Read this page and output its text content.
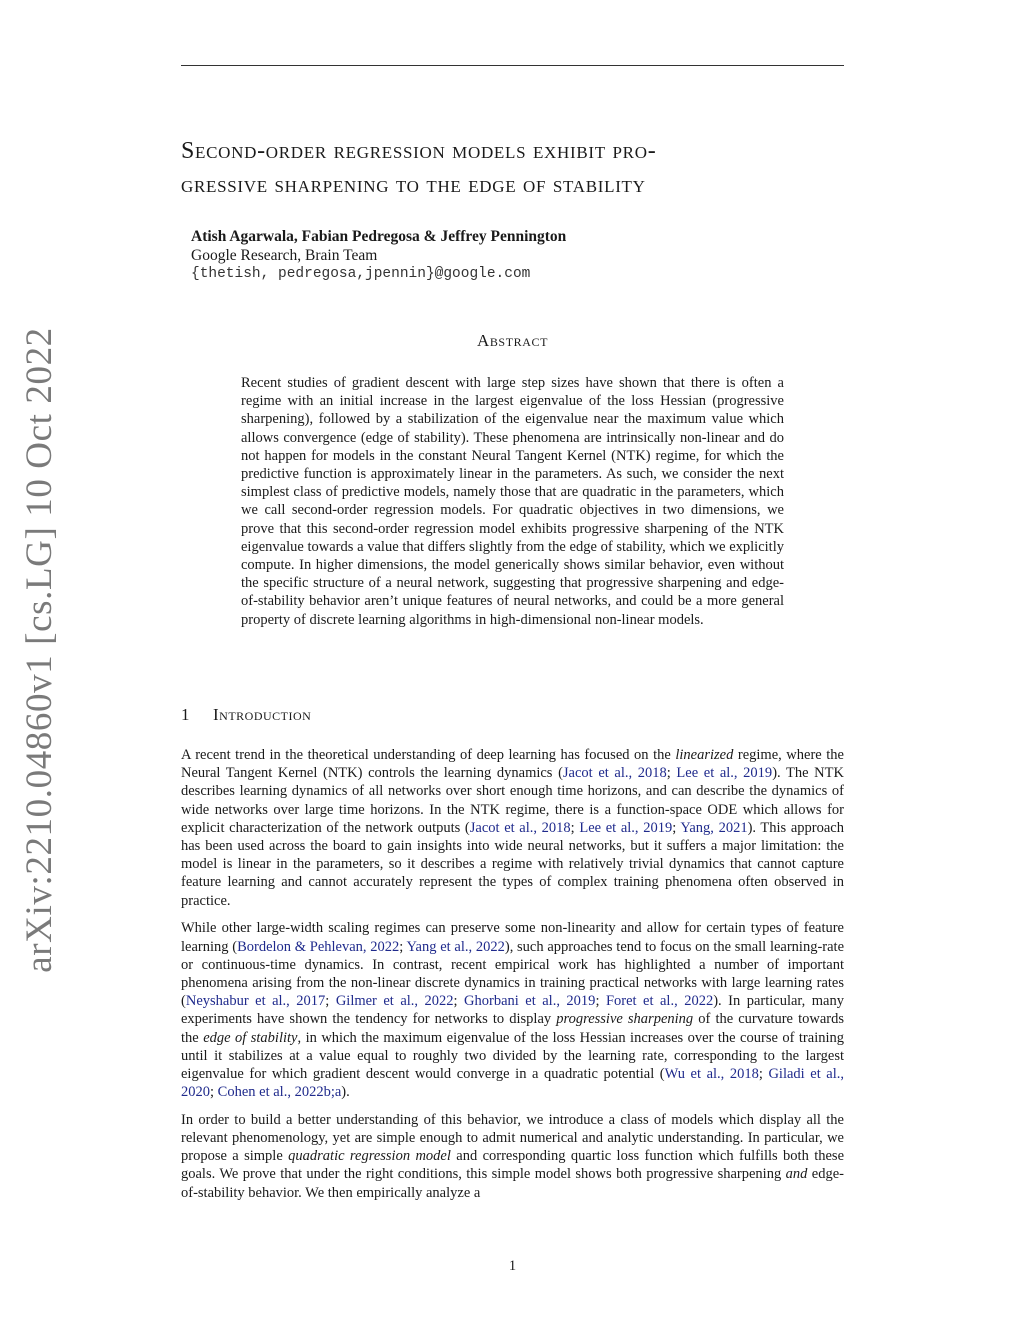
arXiv:2210.04860v1 [cs.LG] 10 Oct 2022
Second-order regression models exhibit pro-
gressive sharpening to the edge of stability
Atish Agarwala, Fabian Pedregosa & Jeffrey Pennington
Google Research, Brain Team
{thetish, pedregosa,jpennin}@google.com
Abstract
Recent studies of gradient descent with large step sizes have shown that there is often a regime with an initial increase in the largest eigenvalue of the loss Hessian (progressive sharpening), followed by a stabilization of the eigenvalue near the maximum value which allows convergence (edge of stability). These phenomena are intrinsically non-linear and do not happen for models in the constant Neural Tangent Kernel (NTK) regime, for which the predictive function is approximately linear in the parameters. As such, we consider the next simplest class of predictive models, namely those that are quadratic in the parameters, which we call second-order regression models. For quadratic objectives in two dimensions, we prove that this second-order regression model exhibits progressive sharpening of the NTK eigenvalue towards a value that differs slightly from the edge of stability, which we explicitly compute. In higher dimensions, the model generically shows similar behavior, even without the specific structure of a neural network, suggesting that progressive sharpening and edge-of-stability behavior aren’t unique features of neural networks, and could be a more general property of discrete learning algorithms in high-dimensional non-linear models.
1 Introduction

A recent trend in the theoretical understanding of deep learning has focused on the linearized regime, where the Neural Tangent Kernel (NTK) controls the learning dynamics (Jacot et al., 2018; Lee et al., 2019). The NTK describes learning dynamics of all networks over short enough time horizons, and can describe the dynamics of wide networks over large time horizons. In the NTK regime, there is a function-space ODE which allows for explicit characterization of the network outputs (Jacot et al., 2018; Lee et al., 2019; Yang, 2021). This approach has been used across the board to gain insights into wide neural networks, but it suffers a major limitation: the model is linear in the parameters, so it describes a regime with relatively trivial dynamics that cannot capture feature learning and cannot accurately represent the types of complex training phenomena often observed in practice.

While other large-width scaling regimes can preserve some non-linearity and allow for certain types of feature learning (Bordelon & Pehlevan, 2022; Yang et al., 2022), such approaches tend to focus on the small learning-rate or continuous-time dynamics. In contrast, recent empirical work has highlighted a number of important phenomena arising from the non-linear discrete dynamics in training practical networks with large learning rates (Neyshabur et al., 2017; Gilmer et al., 2022; Ghorbani et al., 2019; Foret et al., 2022). In particular, many experiments have shown the tendency for networks to display progressive sharpening of the curvature towards the edge of stability, in which the maximum eigenvalue of the loss Hessian increases over the course of training until it stabilizes at a value equal to roughly two divided by the learning rate, corresponding to the largest eigenvalue for which gradient descent would converge in a quadratic potential (Wu et al., 2018; Giladi et al., 2020; Cohen et al., 2022b;a).

In order to build a better understanding of this behavior, we introduce a class of models which display all the relevant phenomenology, yet are simple enough to admit numerical and analytic understanding. In particular, we propose a simple quadratic regression model and corresponding quartic loss function which fulfills both these goals. We prove that under the right conditions, this simple model shows both progressive sharpening and edge-of-stability behavior. We then empirically analyze a

1
